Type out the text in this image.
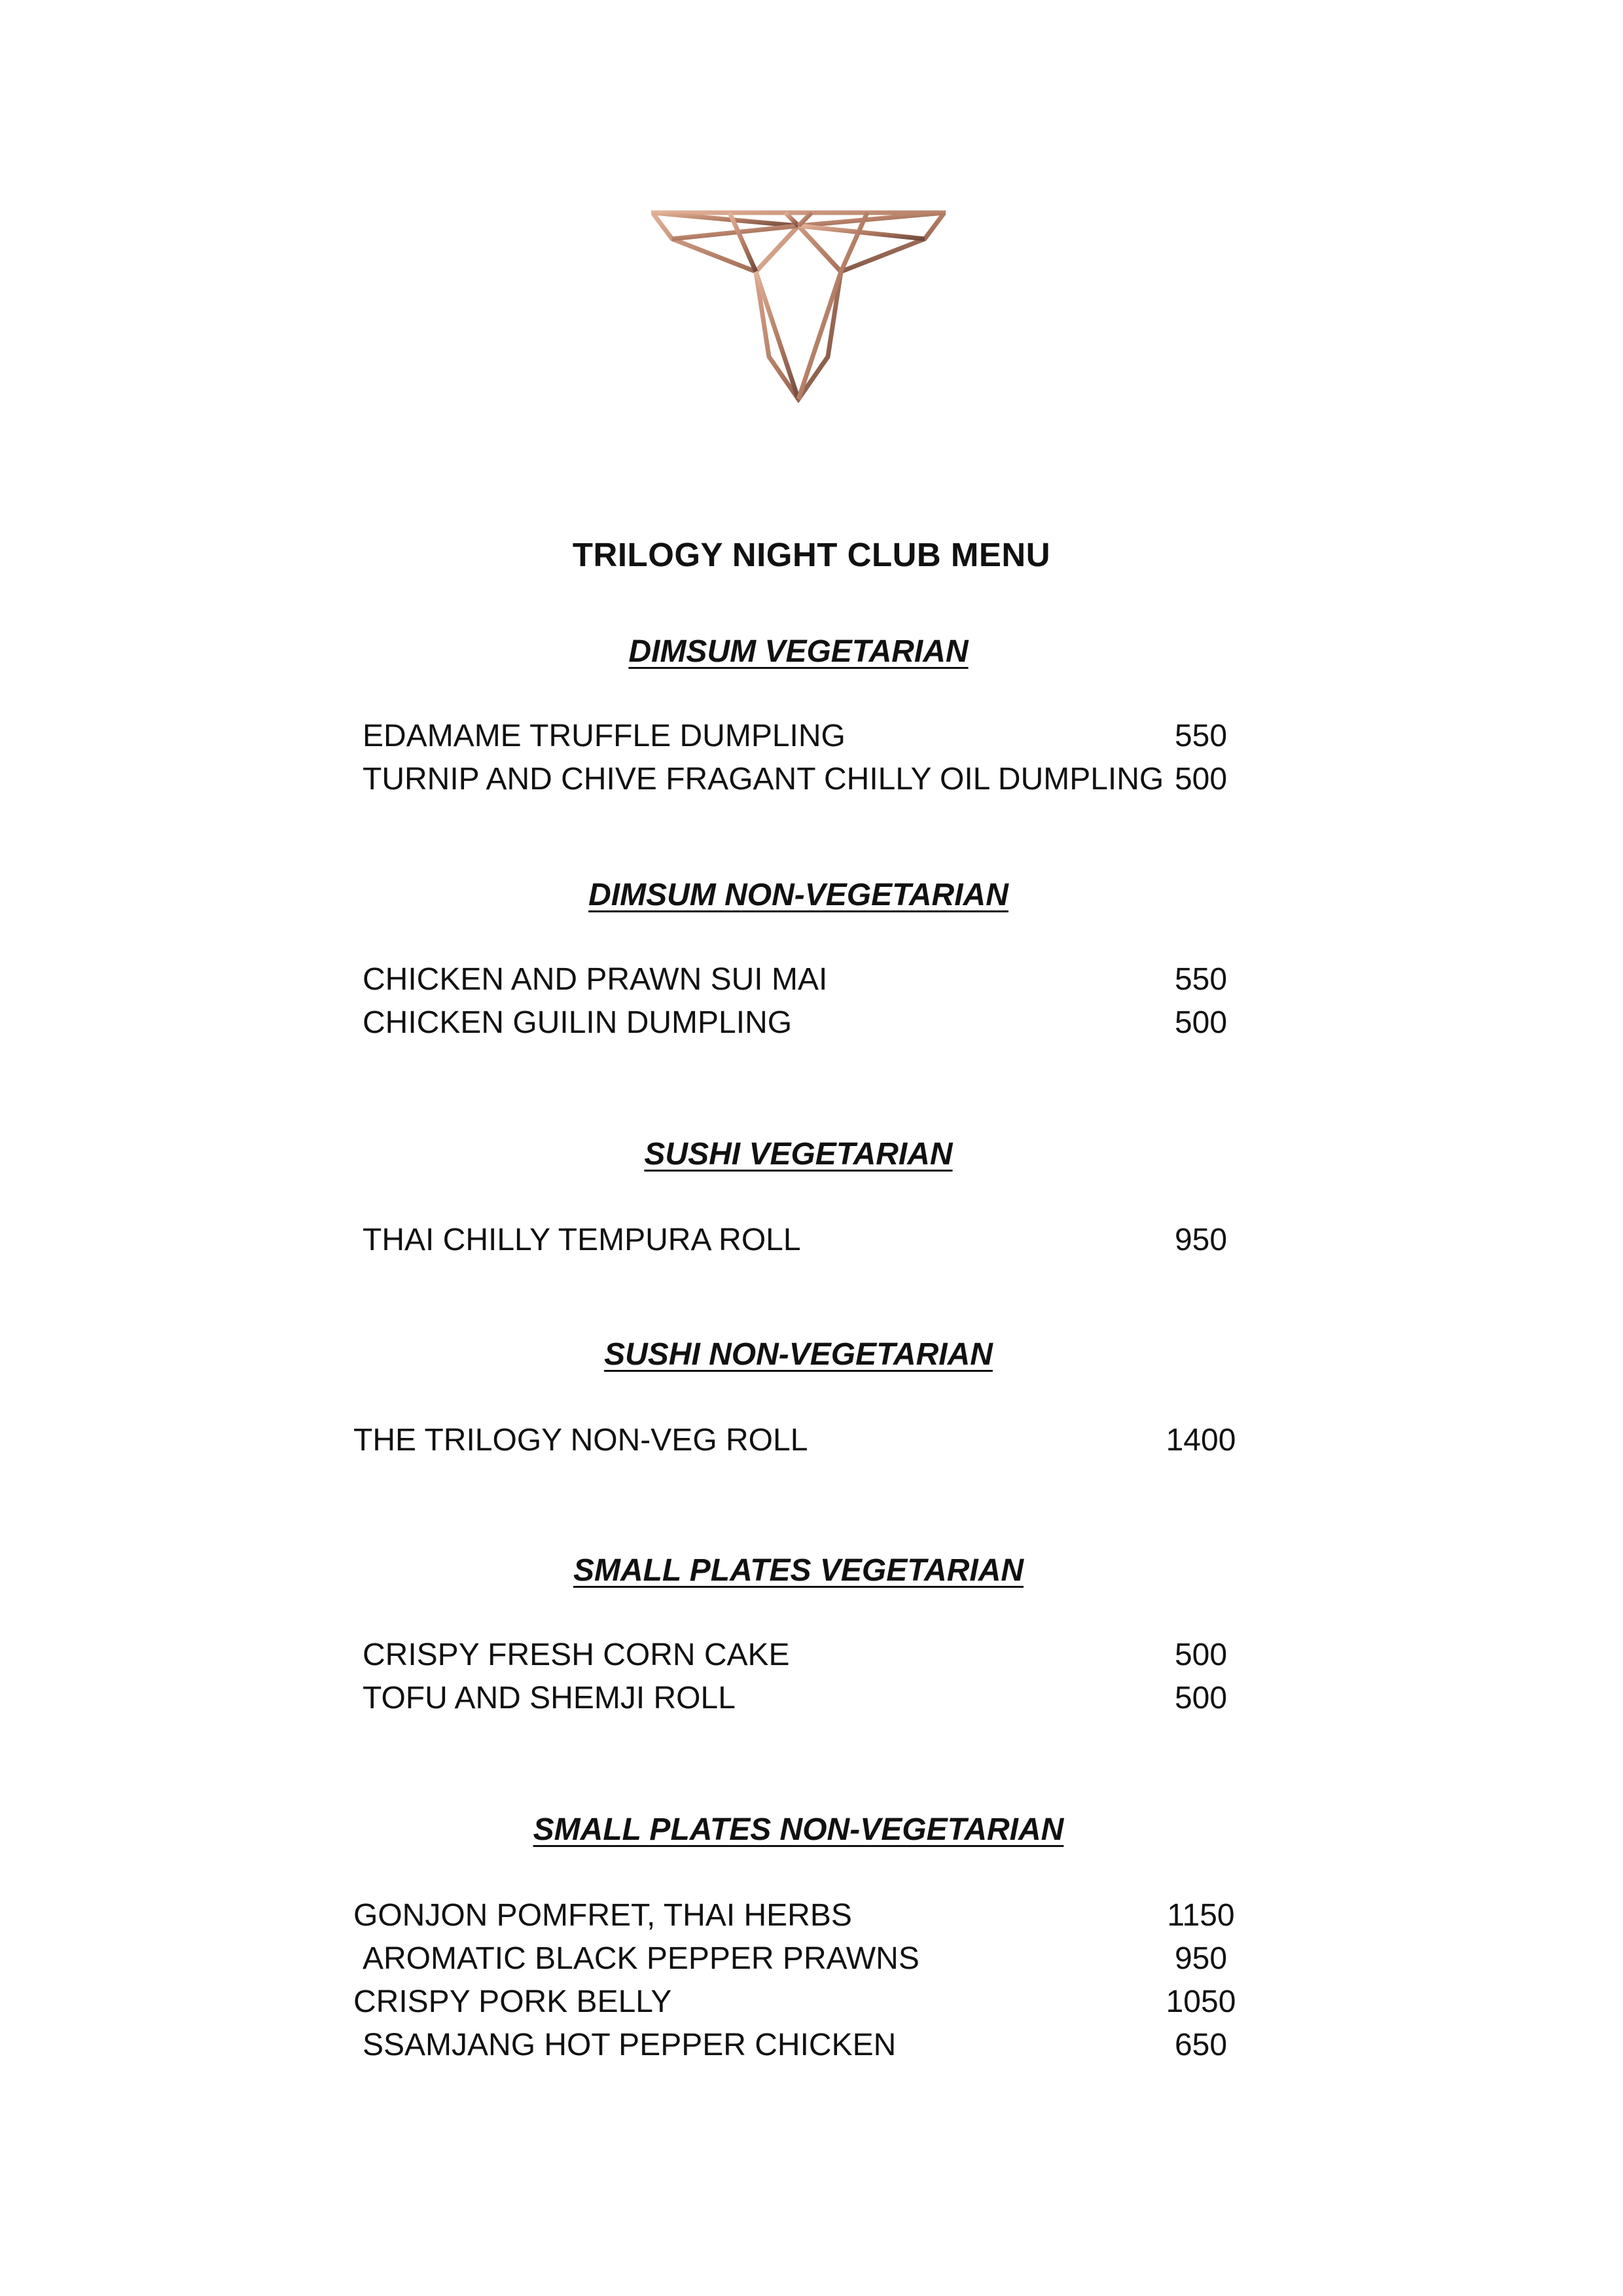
TRILOGY NIGHT CLUB MENU
DIMSUM VEGETARIAN
EDAMAME TRUFFLE DUMPLING	550
TURNIP AND CHIVE FRAGANT CHILLY OIL DUMPLING 500
DIMSUM NON-VEGETARIAN
CHICKEN AND PRAWN SUI MAI	550
CHICKEN GUILIN DUMPLING	500
SUSHI VEGETARIAN
THAI CHILLY TEMPURA ROLL	950
SUSHI NON-VEGETARIAN
THE TRILOGY NON-VEG ROLL	1400
SMALL PLATES VEGETARIAN
CRISPY FRESH CORN CAKE	500
TOFU AND SHEMJI ROLL	500
SMALL PLATES NON-VEGETARIAN
GONJON POMFRET, THAI HERBS	1150
AROMATIC BLACK PEPPER PRAWNS	950
CRISPY PORK BELLY	1050
SSAMJANG HOT PEPPER CHICKEN	650
